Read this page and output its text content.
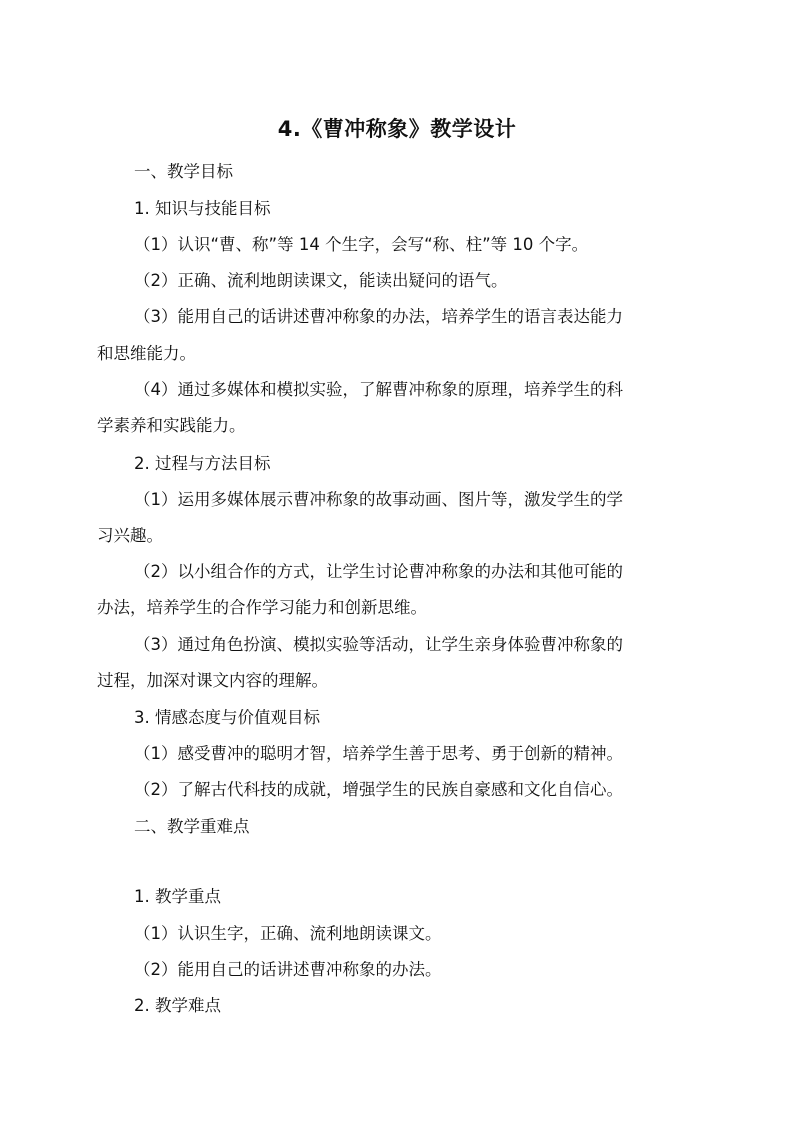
4.《曹冲称象》教学设计
一、教学目标
1. 知识与技能目标
（1）认识“曹、称”等 14 个生字，会写“称、柱”等 10 个字。
（2）正确、流利地朗读课文，能读出疑问的语气。
（3）能用自己的话讲述曹冲称象的办法，培养学生的语言表达能力
和思维能力。
（4）通过多媒体和模拟实验，了解曹冲称象的原理，培养学生的科
学素养和实践能力。
2. 过程与方法目标
（1）运用多媒体展示曹冲称象的故事动画、图片等，激发学生的学
习兴趣。
（2）以小组合作的方式，让学生讨论曹冲称象的办法和其他可能的
办法，培养学生的合作学习能力和创新思维。
（3）通过角色扮演、模拟实验等活动，让学生亲身体验曹冲称象的
过程，加深对课文内容的理解。
3. 情感态度与价值观目标
（1）感受曹冲的聪明才智，培养学生善于思考、勇于创新的精神。
（2）了解古代科技的成就，增强学生的民族自豪感和文化自信心。
二、教学重难点
1. 教学重点
（1）认识生字，正确、流利地朗读课文。
（2）能用自己的话讲述曹冲称象的办法。
2. 教学难点
